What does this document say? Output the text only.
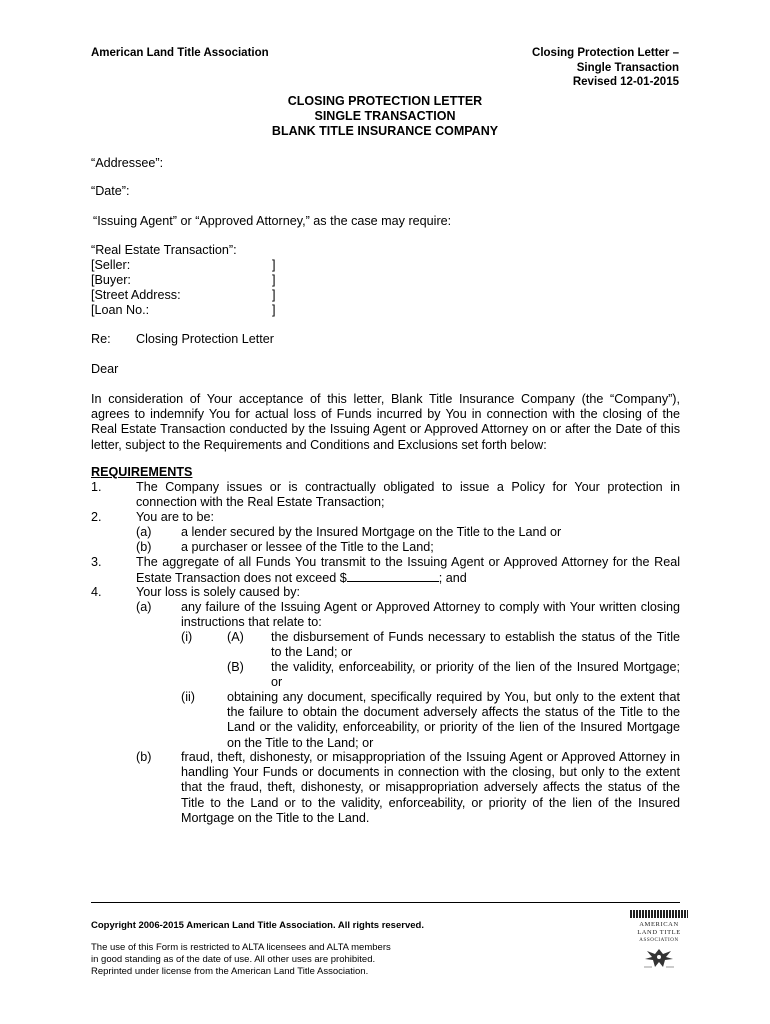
American Land Title Association	Closing Protection Letter –
Single Transaction
Revised 12-01-2015
CLOSING PROTECTION LETTER
SINGLE TRANSACTION
BLANK TITLE INSURANCE COMPANY
“Addressee”:
“Date”:
“Issuing Agent” or “Approved Attorney,” as the case may require:
“Real Estate Transaction”:
[Seller:	]
[Buyer:	]
[Street Address:	]
[Loan No.:	]
Re: Closing Protection Letter
Dear
In consideration of Your acceptance of this letter, Blank Title Insurance Company (the “Company”), agrees to indemnify You for actual loss of Funds incurred by You in connection with the closing of the Real Estate Transaction conducted by the Issuing Agent or Approved Attorney on or after the Date of this letter, subject to the Requirements and Conditions and Exclusions set forth below:
REQUIREMENTS
1.	The Company issues or is contractually obligated to issue a Policy for Your protection in connection with the Real Estate Transaction;
2.	You are to be:
(a) a lender secured by the Insured Mortgage on the Title to the Land or
(b) a purchaser or lessee of the Title to the Land;
3.	The aggregate of all Funds You transmit to the Issuing Agent or Approved Attorney for the Real Estate Transaction does not exceed $	; and
4.	Your loss is solely caused by:
(a) any failure of the Issuing Agent or Approved Attorney to comply with Your written closing instructions that relate to:
(i)	(A) the disbursement of Funds necessary to establish the status of the Title to the Land; or
(B) the validity, enforceability, or priority of the lien of the Insured Mortgage; or
(ii)	obtaining any document, specifically required by You, but only to the extent that the failure to obtain the document adversely affects the status of the Title to the Land or the validity, enforceability, or priority of the lien of the Insured Mortgage on the Title to the Land; or
(b) fraud, theft, dishonesty, or misappropriation of the Issuing Agent or Approved Attorney in handling Your Funds or documents in connection with the closing, but only to the extent that the fraud, theft, dishonesty, or misappropriation adversely affects the status of the Title to the Land or to the validity, enforceability, or priority of the lien of the Insured Mortgage on the Title to the Land.
Copyright 2006-2015 American Land Title Association. All rights reserved.
The use of this Form is restricted to ALTA licensees and ALTA members
in good standing as of the date of use. All other uses are prohibited.
Reprinted under license from the American Land Title Association.
AMERICAN
LAND TITLE
ASSOCIATION
